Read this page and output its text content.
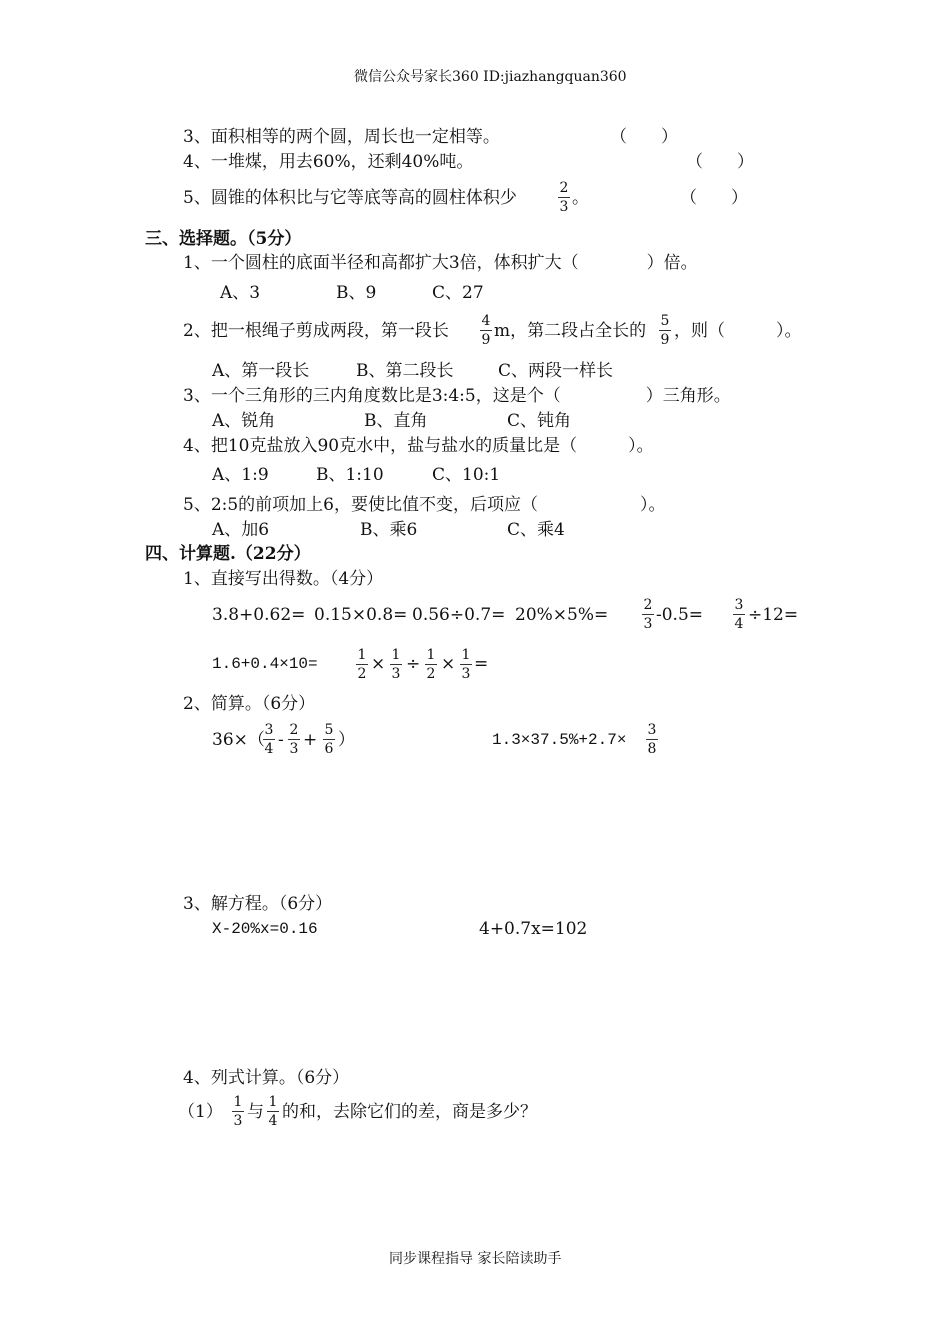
微信公众号家长360 ID:jiazhangquan360
3、面积相等的两个圆，周长也一定相等。	（　　）
4、一堆煤，用去60%，还剩40%吨。	（　　）
5、圆锥的体积比与它等底等高的圆柱体积少	2
3 。	（　　）
三、选择题。（5分）
1、一个圆柱的底面半径和高都扩大3倍，体积扩大（　　　　）倍。
A、3	B、9	C、27
2、把一根绳子剪成两段，第一段长 4
9 m，第二段占全长的 5
9 ，则（　　　）。
A、第一段长	B、第二段长	C、两段一样长
3、一个三角形的三内角度数比是3:4:5，这是个（　　　　　）三角形。
A、锐角	B、直角	C、钝角
4、把10克盐放入90克水中，盐与盐水的质量比是（　　　）。
A、1:9	B、1:10	C、10:1
5、2:5的前项加上6，要使比值不变，后项应（　　　　　　）。
A、加6	B、乘6	C、乘4
四、计算题.（22分）
1、直接写出得数。（4分）
3.8+0.62= 0.15×0.8= 0.56÷0.7= 20%×5%=	2
3 -0.5= 3
4 ÷12=
1.6+0.4×10=	1
2 × 1
3 ÷ 1
2 × 1
3 =
2、简算。（6分）
36×（ 3
4 - 2
3 + 5
6 ）	1.3×37.5%+2.7×
3
8
3、解方程。（6分）
X-20%x=0.16	4+0.7x=102
4、列式计算。（6分）
（1） 1
3 与 1
4 的和，去除它们的差，商是多少？
同步课程指导 家长陪读助手
